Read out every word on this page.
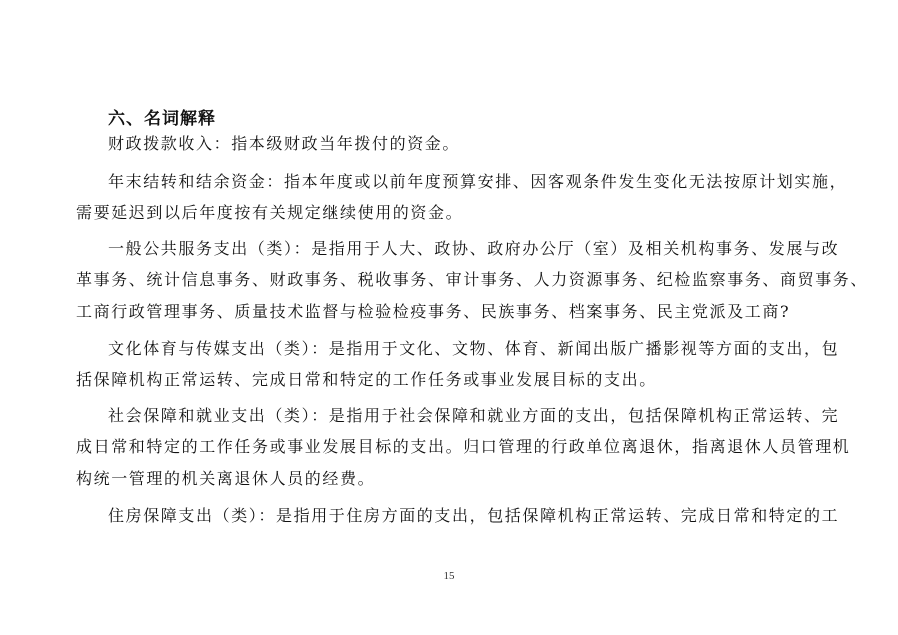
六、名词解释
财政拨款收入：指本级财政当年拨付的资金。
年末结转和结余资金：指本年度或以前年度预算安排、因客观条件发生变化无法按原计划实施，
需要延迟到以后年度按有关规定继续使用的资金。
一般公共服务支出（类）：是指用于人大、政协、政府办公厅（室）及相关机构事务、发展与改
革事务、统计信息事务、财政事务、税收事务、审计事务、人力资源事务、纪检监察事务、商贸事务、
工商行政管理事务、质量技术监督与检验检疫事务、民族事务、档案事务、民主党派及工商?
文化体育与传媒支出（类）：是指用于文化、文物、体育、新闻出版广播影视等方面的支出，包
括保障机构正常运转、完成日常和特定的工作任务或事业发展目标的支出。
社会保障和就业支出（类）：是指用于社会保障和就业方面的支出，包括保障机构正常运转、完
成日常和特定的工作任务或事业发展目标的支出。归口管理的行政单位离退休，指离退休人员管理机
构统一管理的机关离退休人员的经费。
住房保障支出（类）：是指用于住房方面的支出，包括保障机构正常运转、完成日常和特定的工
15
